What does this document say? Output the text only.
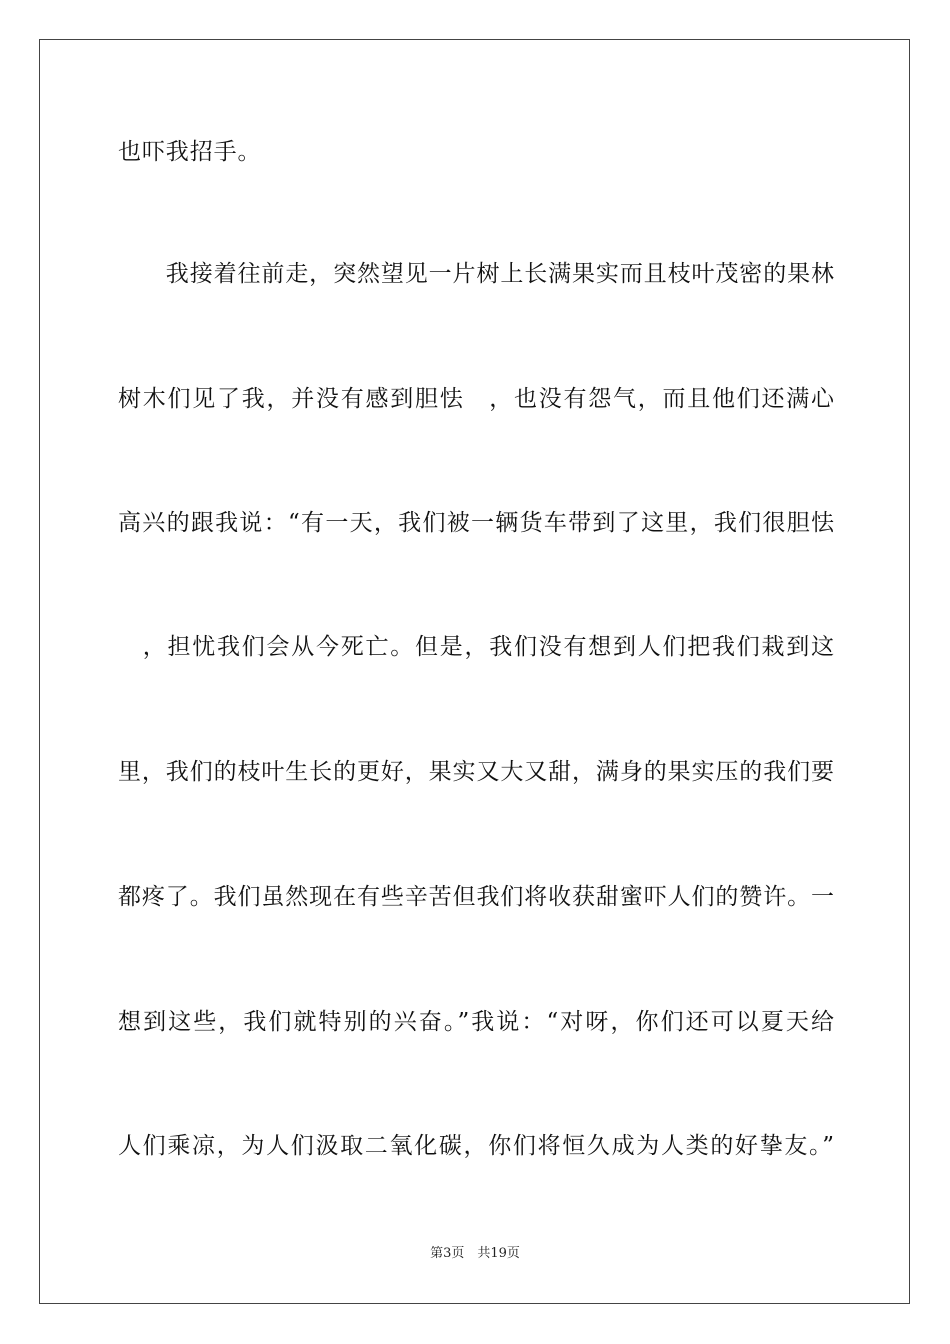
也吓我招手。
　　我接着往前走，突然望见一片树上长满果实而且枝叶茂密的果林
树木们见了我，并没有感到胆怯　，也没有怨气，而且他们还满心
高兴的跟我说：“有一天，我们被一辆货车带到了这里，我们很胆怯
　，担忧我们会从今死亡。但是，我们没有想到人们把我们栽到这
里，我们的枝叶生长的更好，果实又大又甜，满身的果实压的我们要
都疼了。我们虽然现在有些辛苦但我们将收获甜蜜吓人们的赞许。一
想到这些，我们就特别的兴奋。”我说：“对呀，你们还可以夏天给
人们乘凉，为人们汲取二氧化碳，你们将恒久成为人类的好挚友。”
第3页　共19页
